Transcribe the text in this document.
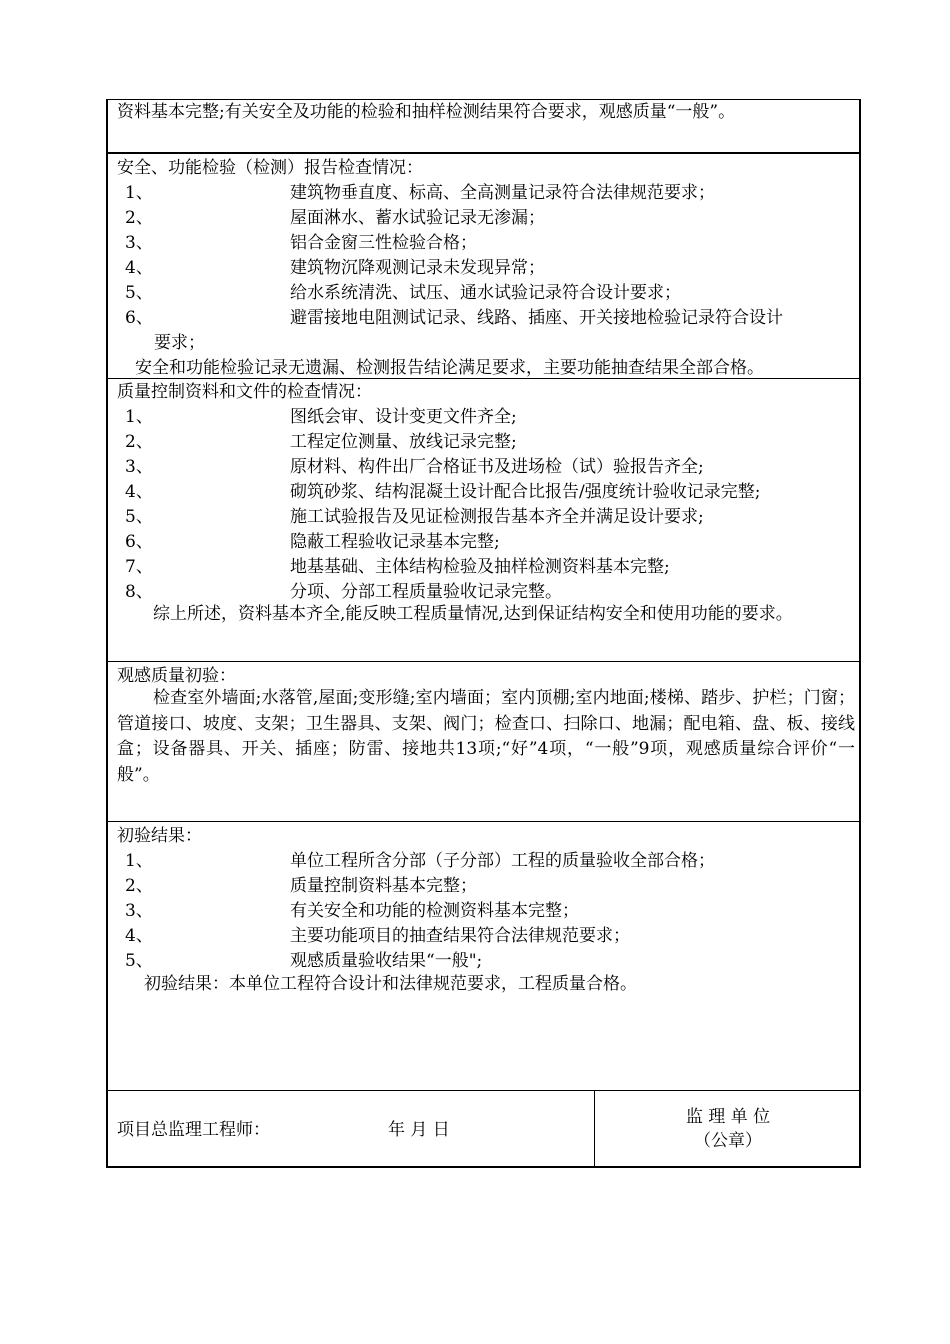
资料基本完整;有关安全及功能的检验和抽样检测结果符合要求，观感质量“一般”。
安全、功能检验（检测）报告检查情况：
1、	建筑物垂直度、标高、全高测量记录符合法律规范要求；
2、	屋面淋水、蓄水试验记录无渗漏；
3、	铝合金窗三性检验合格；
4、	建筑物沉降观测记录未发现异常；
5、	给水系统清洗、试压、通水试验记录符合设计要求；
6、	避雷接地电阻测试记录、线路、插座、开关接地检验记录符合设计
要求；
安全和功能检验记录无遗漏、检测报告结论满足要求，主要功能抽查结果全部合格。
质量控制资料和文件的检查情况：
1、	图纸会审、设计变更文件齐全;
2、	工程定位测量、放线记录完整;
3、	原材料、构件出厂合格证书及进场检（试）验报告齐全;
4、	砌筑砂浆、结构混凝土设计配合比报告/强度统计验收记录完整;
5、	施工试验报告及见证检测报告基本齐全并满足设计要求;
6、	隐蔽工程验收记录基本完整;
7、	地基基础、主体结构检验及抽样检测资料基本完整;
8、	分项、分部工程质量验收记录完整。
综上所述，资料基本齐全,能反映工程质量情况,达到保证结构安全和使用功能的要求。
观感质量初验：
检查室外墙面;水落管,屋面;变形缝;室内墙面；室内顶棚;室内地面;楼梯、踏步、护栏；门窗；管道接口、坡度、支架；卫生器具、支架、阀门；检查口、扫除口、地漏；配电箱、盘、板、接线盒；设备器具、开关、插座；防雷、接地共13项;“好”4项，“一般”9项，观感质量综合评价“一般”。
初验结果：
1、	单位工程所含分部（子分部）工程的质量验收全部合格；
2、	质量控制资料基本完整；
3、	有关安全和功能的检测资料基本完整；
4、	主要功能项目的抽查结果符合法律规范要求；
5、	观感质量验收结果“一般";
初验结果：本单位工程符合设计和法律规范要求，工程质量合格。
项目总监理工程师：	年 月 日
监 理 单 位
（公章）
